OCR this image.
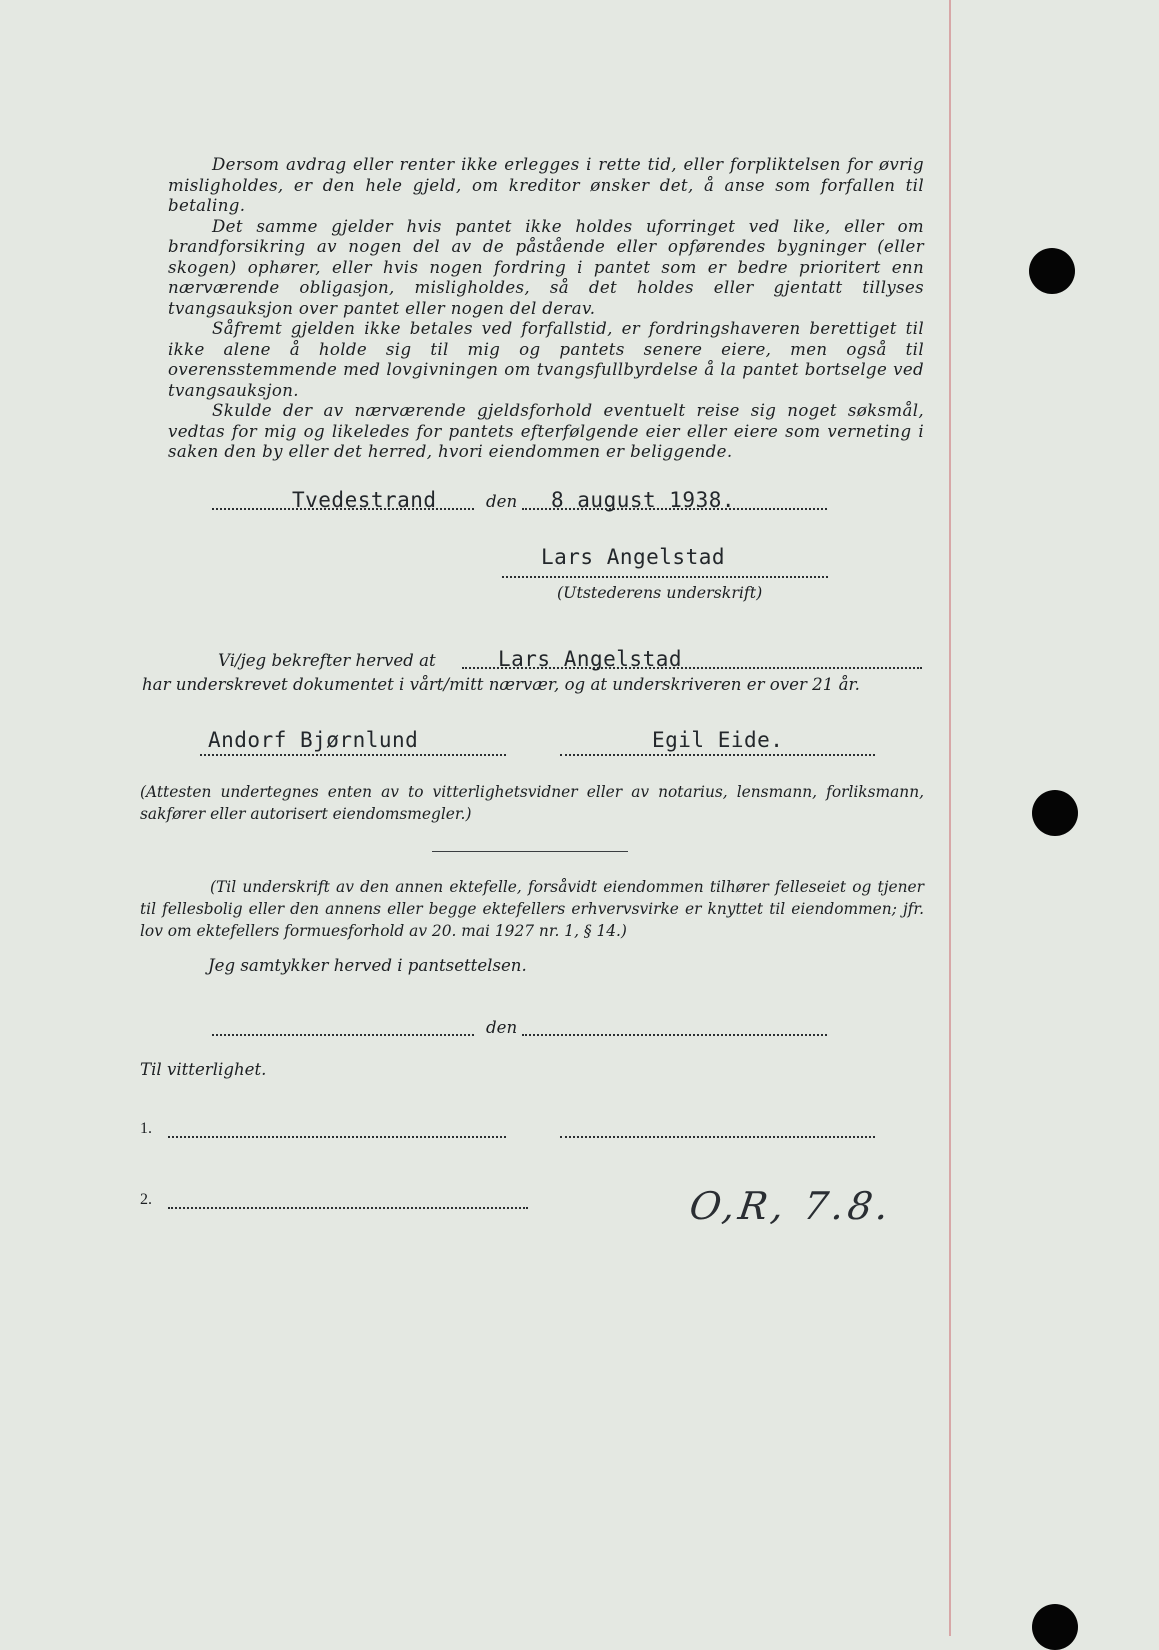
Dersom avdrag eller renter ikke erlegges i rette tid, eller forpliktelsen for øvrig misligholdes, er den hele gjeld, om kreditor ønsker det, å anse som forfallen til betaling.

Det samme gjelder hvis pantet ikke holdes uforringet ved like, eller om brandforsikring av nogen del av de påstående eller opførendes bygninger (eller skogen) ophører, eller hvis nogen fordring i pantet som er bedre prioritert enn nærværende obligasjon, misligholdes, så det holdes eller gjentatt tillyses tvangsauksjon over pantet eller nogen del derav.

Såfremt gjelden ikke betales ved forfallstid, er fordringshaveren berettiget til ikke alene å holde sig til mig og pantets senere eiere, men også til overensstemmende med lovgivningen om tvangsfullbyrdelse å la pantet bortselge ved tvangsauksjon.

Skulde der av nærværende gjeldsforhold eventuelt reise sig noget søksmål, vedtas for mig og likeledes for pantets efterfølgende eier eller eiere som verneting i saken den by eller det herred, hvori eiendommen er beliggende.

Tvedestrand	den 8 august 1938.
Lars Angelstad
(Utstederens underskrift)
Vi/jeg bekrefter herved at	Lars Angelstad
har underskrevet dokumentet i vårt/mitt nærvær, og at underskriveren er over 21 år.
Andorf Bjørnlund	Egil Eide.
(Attesten undertegnes enten av to vitterlighetsvidner eller av notarius, lensmann, forliksmann, sakfører eller autorisert eiendomsmegler.)
(Til underskrift av den annen ektefelle, forsåvidt eiendommen tilhører felleseiet og tjener til fellesbolig eller den annens eller begge ektefellers erhvervsvirke er knyttet til eiendommen; jfr. lov om ektefellers formuesforhold av 20. mai 1927 nr. 1, § 14.)
Jeg samtykker herved i pantsettelsen.
den
Til vitterlighet.
1.
2.	O,R, 7.8.
